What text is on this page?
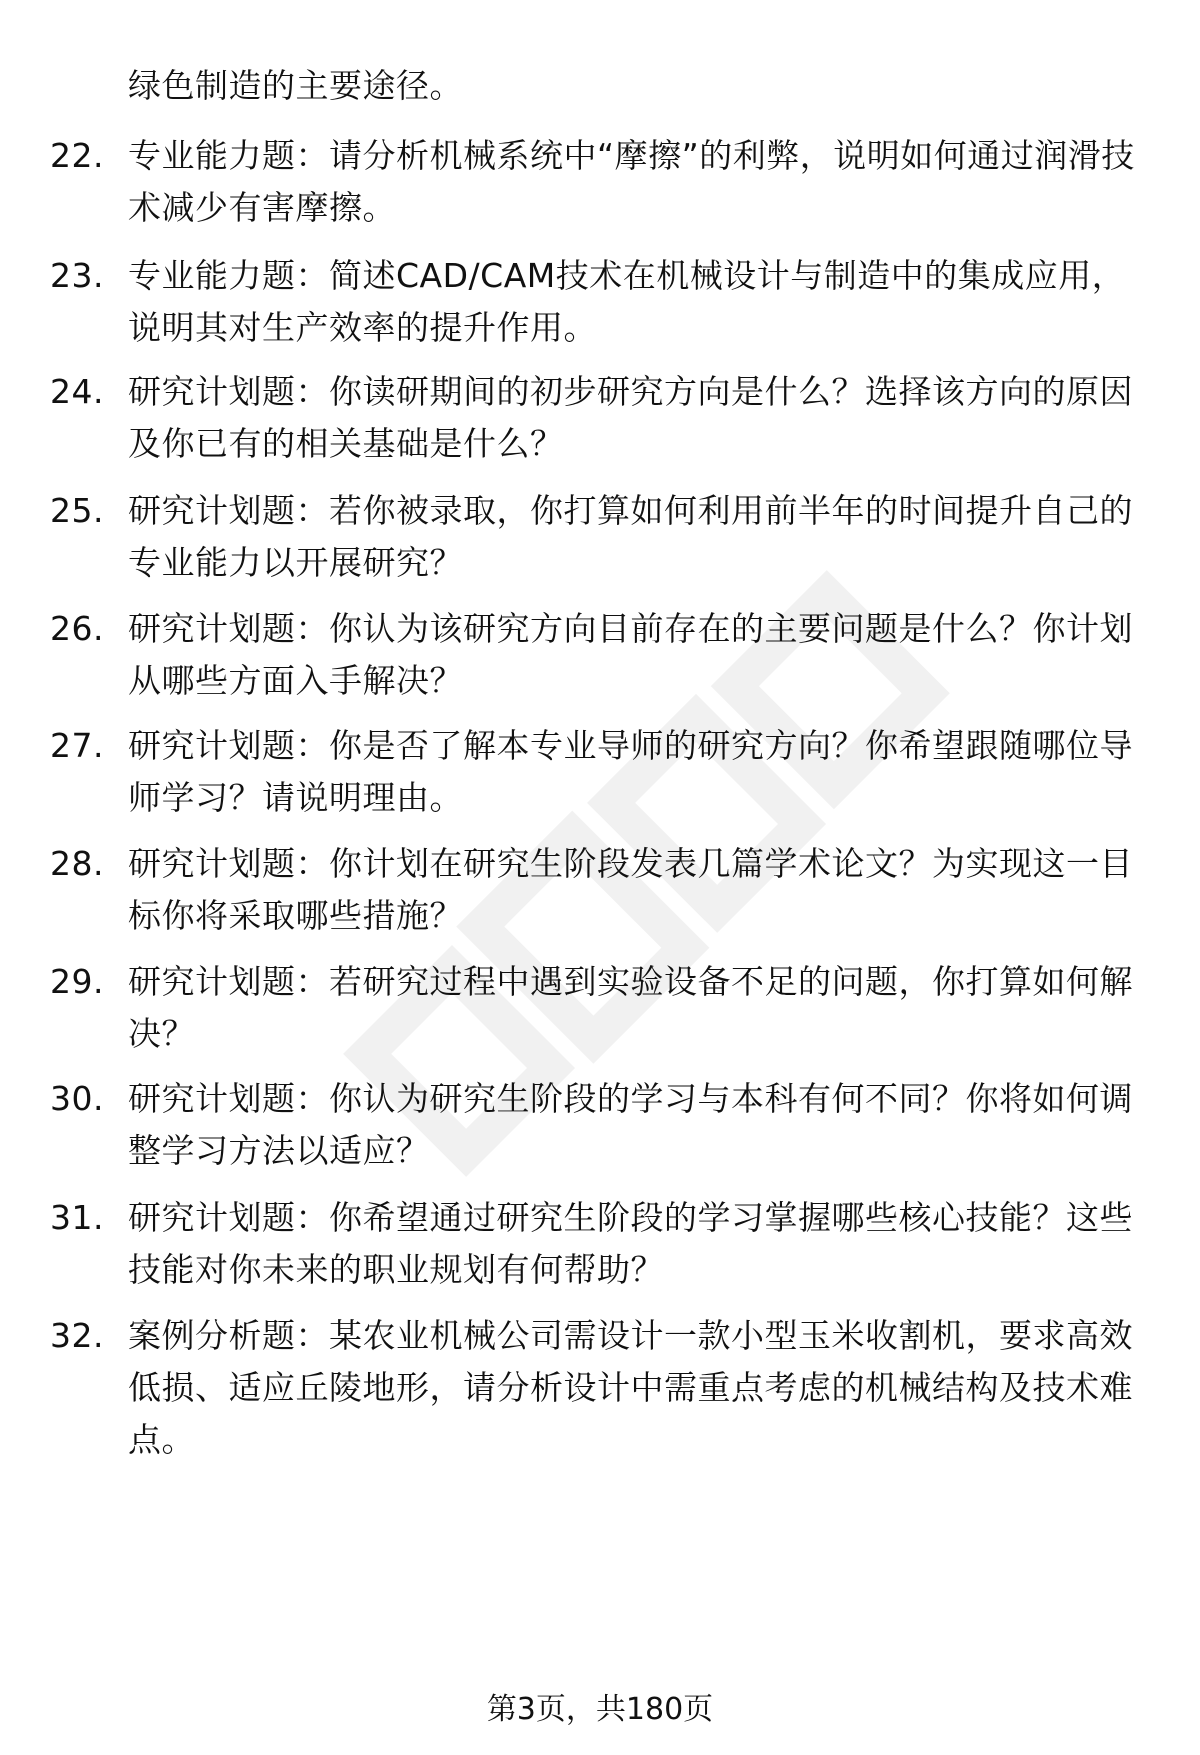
绿色制造的主要途径。
22. 专业能力题：请分析机械系统中“摩擦”的利弊，说明如何通过润滑技术减少有害摩擦。
23. 专业能力题：简述CAD/CAM技术在机械设计与制造中的集成应用，说明其对生产效率的提升作用。
24. 研究计划题：你读研期间的初步研究方向是什么？选择该方向的原因及你已有的相关基础是什么？
25. 研究计划题：若你被录取，你打算如何利用前半年的时间提升自己的专业能力以开展研究？
26. 研究计划题：你认为该研究方向目前存在的主要问题是什么？你计划从哪些方面入手解决？
27. 研究计划题：你是否了解本专业导师的研究方向？你希望跟随哪位导师学习？请说明理由。
28. 研究计划题：你计划在研究生阶段发表几篇学术论文？为实现这一目标你将采取哪些措施？
29. 研究计划题：若研究过程中遇到实验设备不足的问题，你打算如何解决？
30. 研究计划题：你认为研究生阶段的学习与本科有何不同？你将如何调整学习方法以适应？
31. 研究计划题：你希望通过研究生阶段的学习掌握哪些核心技能？这些技能对你未来的职业规划有何帮助？
32. 案例分析题：某农业机械公司需设计一款小型玉米收割机，要求高效低损、适应丘陵地形，请分析设计中需重点考虑的机械结构及技术难点。
第3页，共180页
